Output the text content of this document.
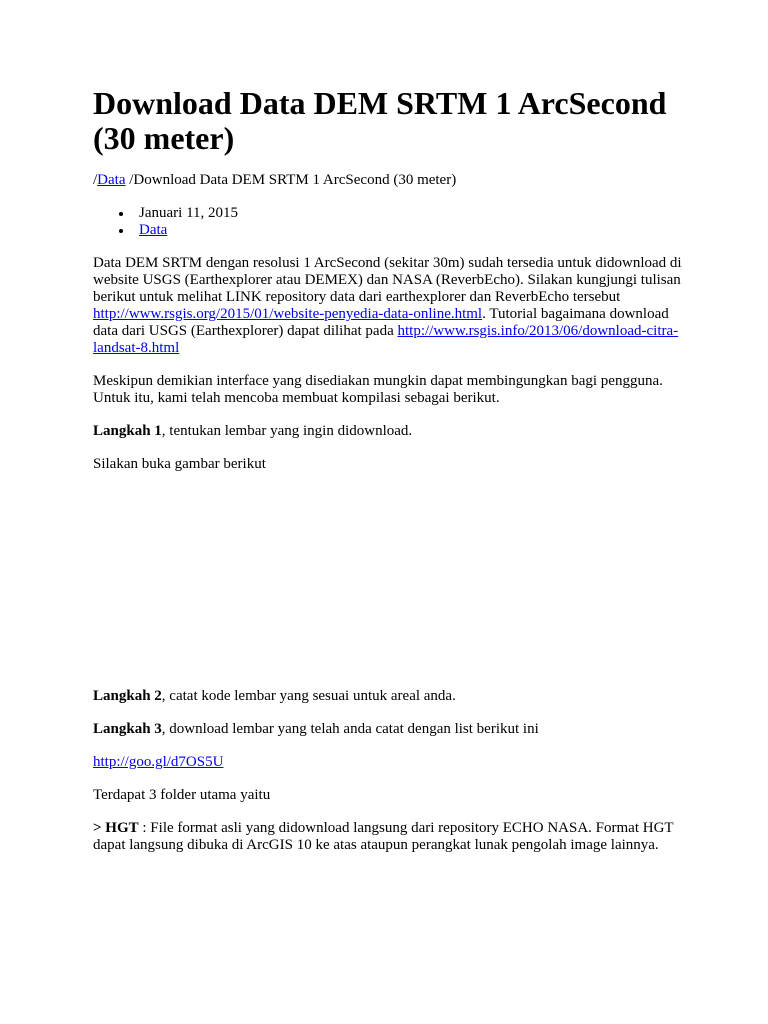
Download Data DEM SRTM 1 ArcSecond (30 meter)
/Data /Download Data DEM SRTM 1 ArcSecond (30 meter)
Januari 11, 2015
Data

Data DEM SRTM dengan resolusi 1 ArcSecond (sekitar 30m) sudah tersedia untuk didownload di website USGS (Earthexplorer atau DEMEX) dan NASA (ReverbEcho). Silakan kungjungi tulisan berikut untuk melihat LINK repository data dari earthexplorer dan ReverbEcho tersebut http://www.rsgis.org/2015/01/website-penyedia-data-online.html. Tutorial bagaimana download data dari USGS (Earthexplorer) dapat dilihat pada http://www.rsgis.info/2013/06/download-citra-landsat-8.html

Meskipun demikian interface yang disediakan mungkin dapat membingungkan bagi pengguna. Untuk itu, kami telah mencoba membuat kompilasi sebagai berikut.

Langkah 1, tentukan lembar yang ingin didownload.

Silakan buka gambar berikut

Langkah 2, catat kode lembar yang sesuai untuk areal anda.

Langkah 3, download lembar yang telah anda catat dengan list berikut ini

http://goo.gl/d7OS5U

Terdapat 3 folder utama yaitu

> HGT : File format asli yang didownload langsung dari repository ECHO NASA. Format HGT dapat langsung dibuka di ArcGIS 10 ke atas ataupun perangkat lunak pengolah image lainnya.
